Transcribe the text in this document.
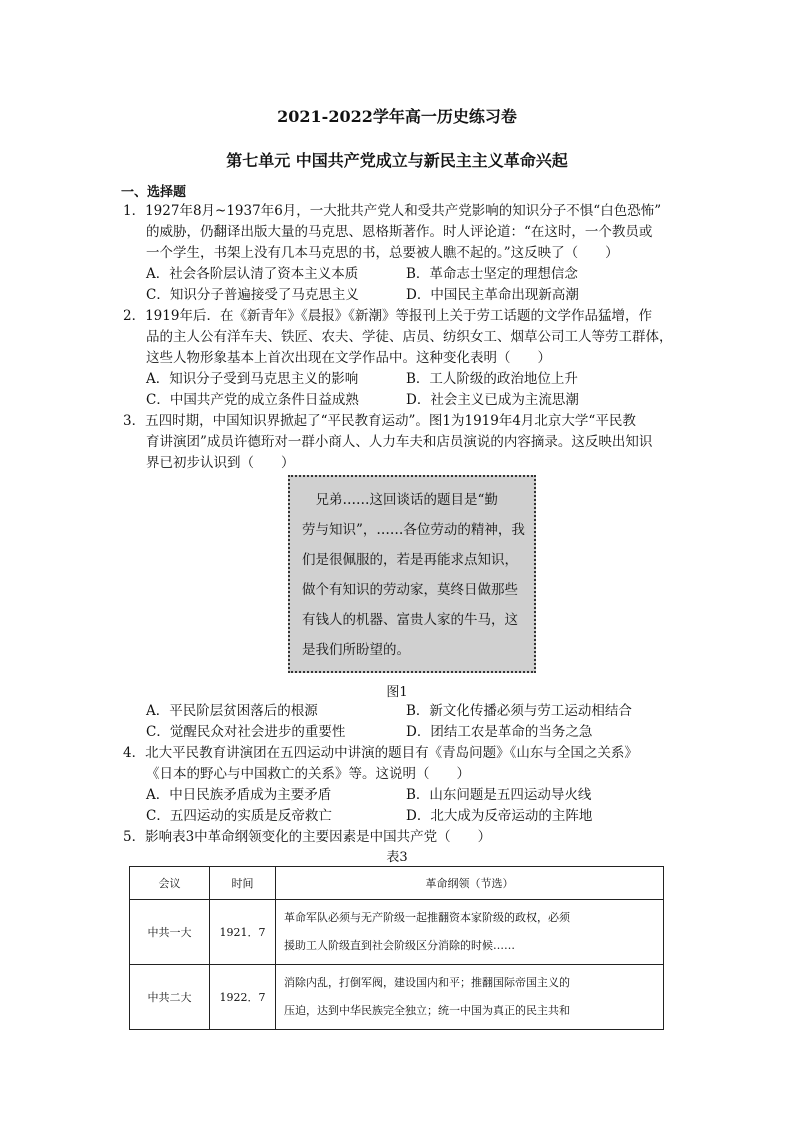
2021-2022学年高一历史练习卷
第七单元 中国共产党成立与新民主主义革命兴起
一、选择题
1．1927年8月~1937年6月，一大批共产党人和受共产党影响的知识分子不惧“白色恐怖”
的威胁，仍翻译出版大量的马克思、恩格斯著作。时人评论道：“在这时，一个教员或
一个学生，书架上没有几本马克思的书，总要被人瞧不起的。”这反映了（　　）
A．社会各阶层认清了资本主义本质	B．革命志士坚定的理想信念
C．知识分子普遍接受了马克思主义	D．中国民主革命出现新高潮
2．1919年后．在《新青年》《晨报》《新潮》等报刊上关于劳工话题的文学作品猛增，作
品的主人公有洋车夫、铁匠、农夫、学徒、店员、纺织女工、烟草公司工人等劳工群体，
这些人物形象基本上首次出现在文学作品中。这种变化表明（　　）
A．知识分子受到马克思主义的影响	B．工人阶级的政治地位上升
C．中国共产党的成立条件日益成熟	D．社会主义已成为主流思潮
3．五四时期，中国知识界掀起了“平民教育运动”。图1为1919年4月北京大学“平民教
育讲演团”成员许德珩对一群小商人、人力车夫和店员演说的内容摘录。这反映出知识
界已初步认识到（　　）
　兄弟……这回谈话的题目是“勤
劳与知识”，……各位劳动的精神，我
们是很佩服的，若是再能求点知识，
做个有知识的劳动家，莫终日做那些
有钱人的机器、富贵人家的牛马，这
是我们所盼望的。
图1
A．平民阶层贫困落后的根源	B．新文化传播必须与劳工运动相结合
C．觉醒民众对社会进步的重要性	D．团结工农是革命的当务之急
4．北大平民教育讲演团在五四运动中讲演的题目有《青岛问题》《山东与全国之关系》
《日本的野心与中国救亡的关系》等。这说明（　　）
A．中日民族矛盾成为主要矛盾	B．山东问题是五四运动导火线
C．五四运动的实质是反帝救亡	D．北大成为反帝运动的主阵地
5．影响表3中革命纲领变化的主要因素是中国共产党（　　）
表3
会议	时间	革命纲领（节选）
中共一大	1921．7	革命军队必须与无产阶级一起推翻资本家阶级的政权，必须
援助工人阶级直到社会阶级区分消除的时候……

中共二大	1922．7	消除内乱，打倒军阀，建设国内和平；推翻国际帝国主义的
压迫，达到中华民族完全独立；统一中国为真正的民主共和
